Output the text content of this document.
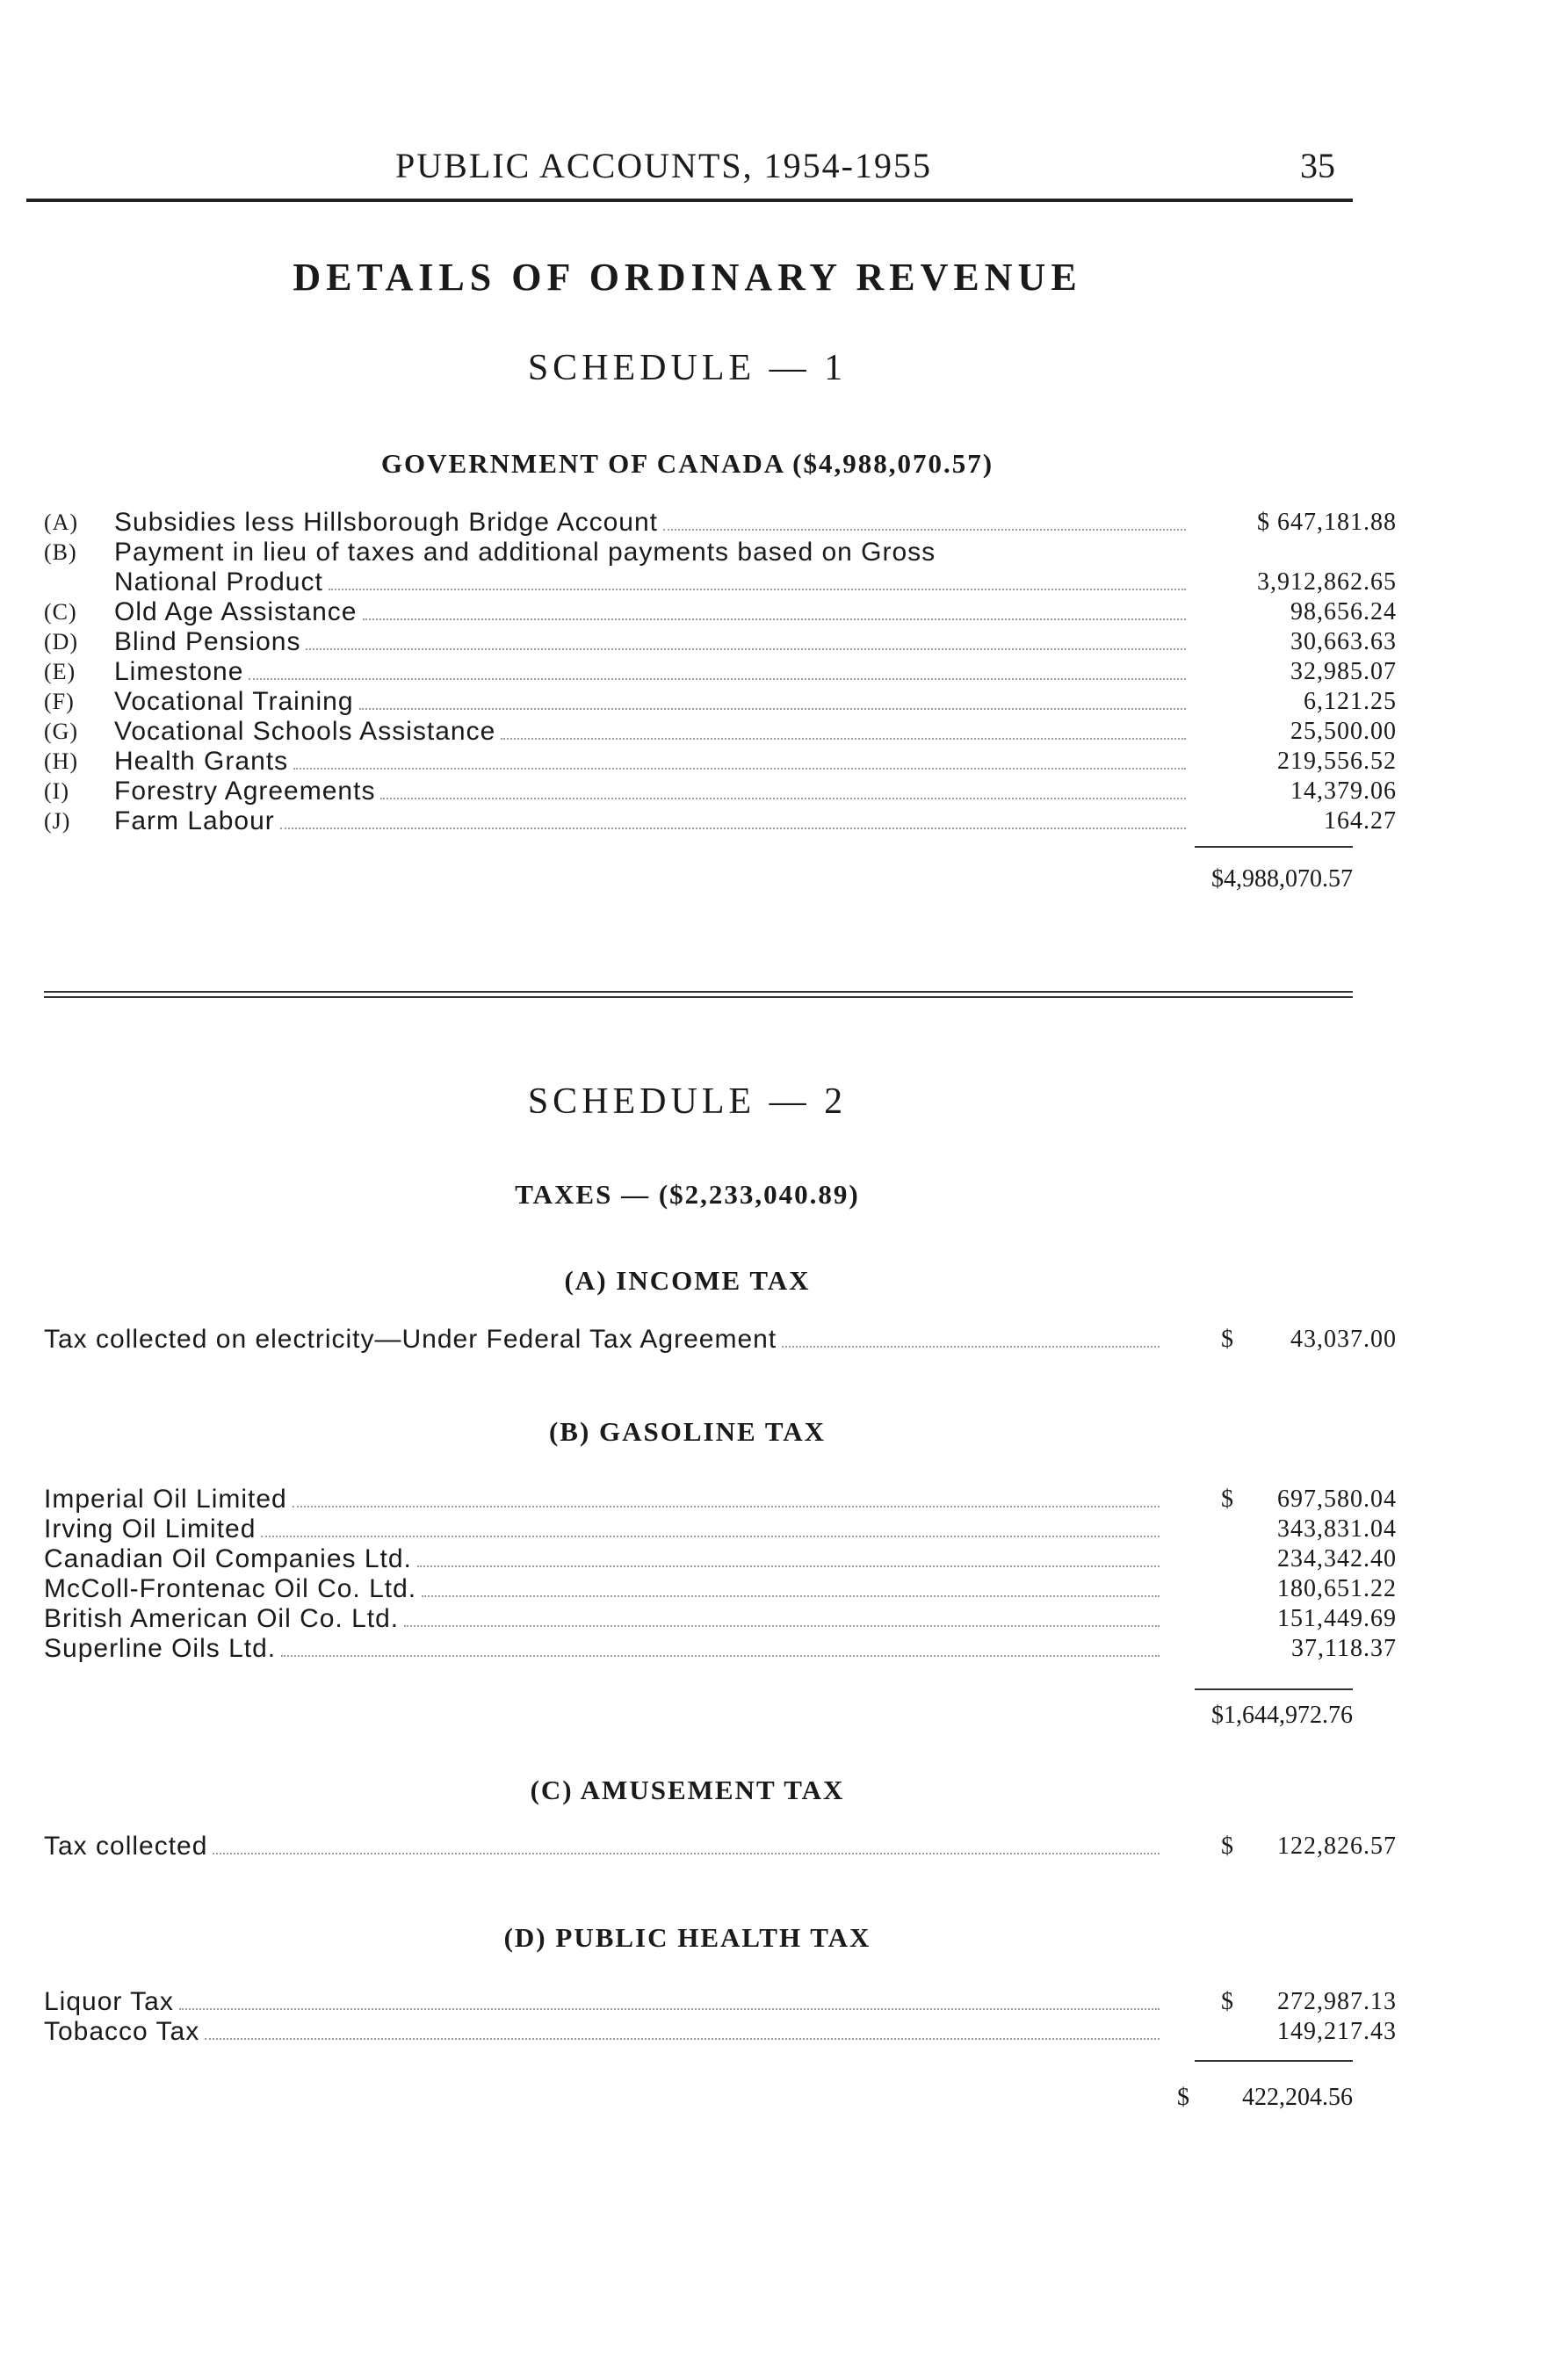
PUBLIC ACCOUNTS, 1954-1955	35
DETAILS OF ORDINARY REVENUE
SCHEDULE — 1
GOVERNMENT OF CANADA ($4,988,070.57)
(A)	Subsidies less Hillsborough Bridge Account	$ 647,181.88
(B)	Payment in lieu of taxes and additional payments based on Gross
National Product	3,912,862.65
(C)	Old Age Assistance	98,656.24
(D)	Blind Pensions	30,663.63
(E)	Limestone	32,985.07
(F)	Vocational Training	6,121.25
(G)	Vocational Schools Assistance	25,500.00
(H)	Health Grants	219,556.52
(I)	Forestry Agreements	14,379.06
(J)	Farm Labour	164.27
$4,988,070.57
SCHEDULE — 2
TAXES — ($2,233,040.89)
(A) INCOME TAX
Tax collected on electricity—Under Federal Tax Agreement	$	43,037.00
(B) GASOLINE TAX
Imperial Oil Limited	$	697,580.04
Irving Oil Limited	343,831.04
Canadian Oil Companies Ltd.	234,342.40
McColl-Frontenac Oil Co. Ltd.	180,651.22
British American Oil Co. Ltd.	151,449.69
Superline Oils Ltd.	37,118.37
$1,644,972.76
(C) AMUSEMENT TAX
Tax collected	$	122,826.57
(D) PUBLIC HEALTH TAX
Liquor Tax	$	272,987.13
Tobacco Tax	149,217.43
$	422,204.56
